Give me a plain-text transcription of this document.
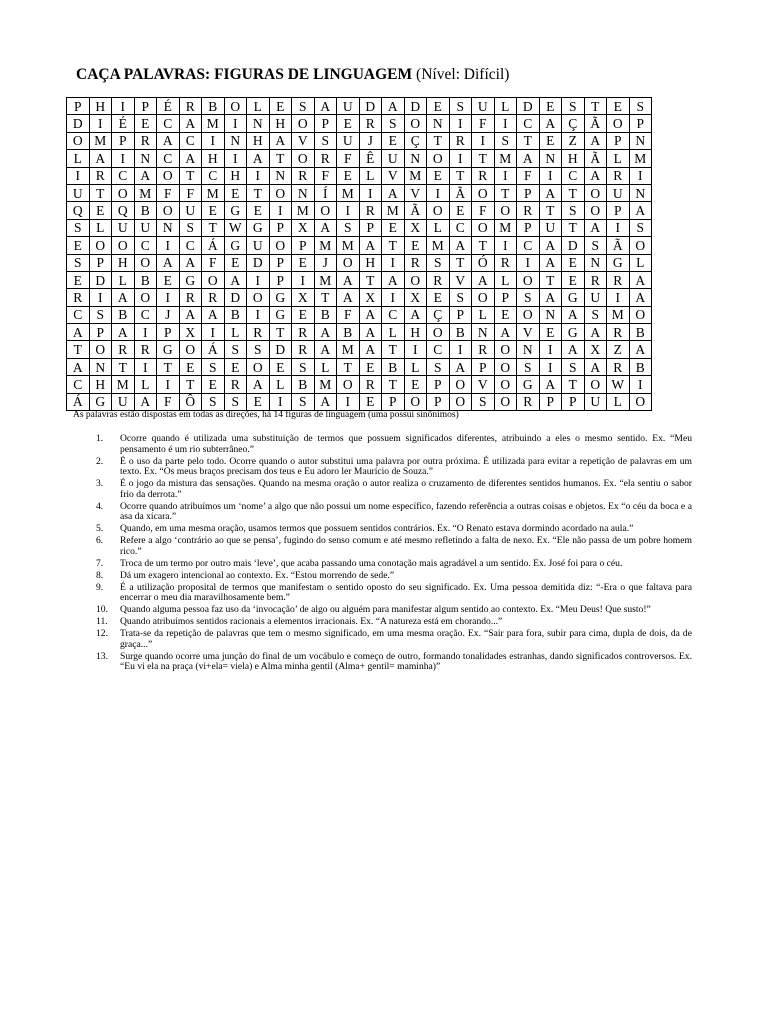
CAÇA PALAVRAS: FIGURAS DE LINGUAGEM (Nível: Difícil)
P	H	I	P	É	R	B	O	L	E	S	A	U	D	A	D	E	S	U	L	D	E	S	T	E	S
D	I	É	E	C	A	M	I	N	H	O	P	E	R	S	O	N	I	F	I	C	A	Ç	Ã	O	P
O	M	P	R	A	C	I	N	H	A	V	S	U	J	E	Ç	T	R	I	S	T	E	Z	A	P	N
L	A	I	N	C	A	H	I	A	T	O	R	F	Ê	U	N	O	I	T	M	A	N	H	Ã	L	M
I	R	C	A	O	T	C	H	I	N	R	F	E	L	V	M	E	T	R	I	F	I	C	A	R	I
U	T	O	M	F	F	M	E	T	O	N	Í	M	I	A	V	I	Ã	O	T	P	A	T	O	U	N
Q	E	Q	B	O	U	E	G	E	I	M	O	I	R	M	Ã	O	E	F	O	R	T	S	O	P	A
S	L	U	U	N	S	T	W	G	P	X	A	S	P	E	X	L	C	O	M	P	U	T	A	I	S
E	O	O	C	I	C	Á	G	U	O	P	M	M	A	T	E	M	A	T	I	C	A	D	S	Ã	O
S	P	H	O	A	A	F	E	D	P	E	J	O	H	I	R	S	T	Ó	R	I	A	E	N	G	L
E	D	L	B	E	G	O	A	I	P	I	M	A	T	A	O	R	V	A	L	O	T	E	R	R	A
R	I	A	O	I	R	R	D	O	G	X	T	A	X	I	X	E	S	O	P	S	A	G	U	I	A
C	S	B	C	J	A	A	B	I	G	E	B	F	A	C	A	Ç	P	L	E	O	N	A	S	M	O
A	P	A	I	P	X	I	L	R	T	R	A	B	A	L	H	O	B	N	A	V	E	G	A	R	B
T	O	R	R	G	O	Á	S	S	D	R	A	M	A	T	I	C	I	R	O	N	I	A	X	Z	A
A	N	T	I	T	E	S	E	O	E	S	L	T	E	B	L	S	A	P	O	S	I	S	A	R	B
C	H	M	L	I	T	E	R	A	L	B	M	O	R	T	E	P	O	V	O	G	A	T	O	W	I
Á	G	U	A	F	Ô	S	S	E	I	S	A	I	E	P	O	P	O	S	O	R	P	P	U	L	O
As palavras estão dispostas em todas as direções, há 14 figuras de linguagem (uma possui sinônimos)
1. Ocorre quando é utilizada uma substituição de termos que possuem significados diferentes, atribuindo a eles o mesmo sentido. Ex. “Meu pensamento é um rio subterrâneo.”
2. É o uso da parte pelo todo. Ocorre quando o autor substitui uma palavra por outra próxima. É utilizada para evitar a repetição de palavras em um texto. Ex. “Os meus braços precisam dos teus e Eu adoro ler Maurício de Souza.”
3. É o jogo da mistura das sensações. Quando na mesma oração o autor realiza o cruzamento de diferentes sentidos humanos. Ex. “ela sentiu o sabor frio da derrota.”
4. Ocorre quando atribuímos um ‘nome’ a algo que não possui um nome específico, fazendo referência a outras coisas e objetos. Ex “o céu da boca e a asa da xícara.”
5. Quando, em uma mesma oração, usamos termos que possuem sentidos contrários. Ex. “O Renato estava dormindo acordado na aula.”
6. Refere a algo ‘contrário ao que se pensa’, fugindo do senso comum e até mesmo refletindo a falta de nexo. Ex. “Ele não passa de um pobre homem rico.”
7. Troca de um termo por outro mais ‘leve’, que acaba passando uma conotação mais agradável a um sentido. Ex. José foi para o céu.
8. Dá um exagero intencional ao contexto. Ex. “Estou morrendo de sede.”
9. É a utilização proposital de termos que manifestam o sentido oposto do seu significado. Ex. Uma pessoa demitida diz: “-Era o que faltava para encerrar o meu dia maravilhosamente bem.”
10. Quando alguma pessoa faz uso da ‘invocação’ de algo ou alguém para manifestar algum sentido ao contexto. Ex. “Meu Deus! Que susto!”
11. Quando atribuímos sentidos racionais a elementos irracionais. Ex. “A natureza está em chorando...”
12. Trata-se da repetição de palavras que tem o mesmo significado, em uma mesma oração. Ex. “Sair para fora, subir para cima, dupla de dois, da de graça...”
13. Surge quando ocorre uma junção do final de um vocábulo e começo de outro, formando tonalidades estranhas, dando significados controversos. Ex. “Eu vi ela na praça (vi+ela= viela) e Alma minha gentil (Alma+ gentil= maminha)”
